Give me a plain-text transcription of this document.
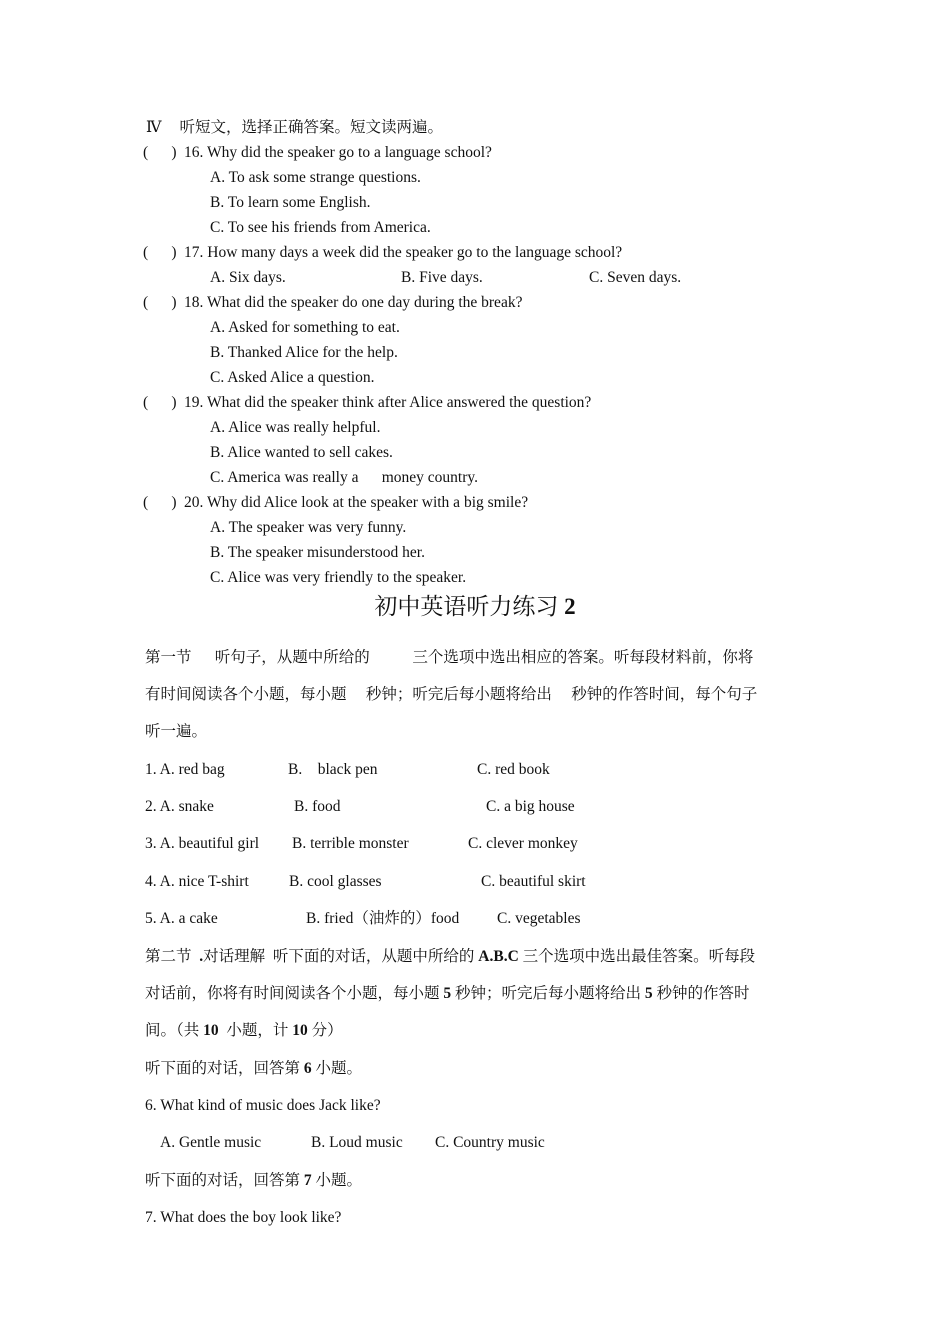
Ⅳ 听短文，选择正确答案。短文读两遍。
(      ) 16. Why did the speaker go to a language school?
A. To ask some strange questions.
B. To learn some English.
C. To see his friends from America.
(      ) 17. How many days a week did the speaker go to the language school?
A. Six days.	B. Five days.	C. Seven days.
(      ) 18. What did the speaker do one day during the break?
A. Asked for something to eat.
B. Thanked Alice for the help.
C. Asked Alice a question.
(      ) 19. What did the speaker think after Alice answered the question?
A. Alice was really helpful.
B. Alice wanted to sell cakes.
C. America was really a      money country.
(      ) 20. Why did Alice look at the speaker with a big smile?
A. The speaker was very funny.
B. The speaker misunderstood her.
C. Alice was very friendly to the speaker.
初中英语听力练习 2
第一节      听句子，从题中所给的           三个选项中选出相应的答案。听每段材料前，你将
有时间阅读各个小题，每小题     秒钟；听完后每小题将给出     秒钟的作答时间，每个句子
听一遍。
1. A. red bag	B.    black pen	C. red book
2. A. snake	B. food	C. a big house
3. A. beautiful girl B. terrible monster	C. clever monkey
4. A. nice T-shirt	B. cool glasses	C. beautiful skirt
5. A. a cake	B. fried（油炸的）food C. vegetables
第二节  .对话理解  听下面的对话，从题中所给的 A.B.C 三个选项中选出最佳答案。听每段
对话前，你将有时间阅读各个小题，每小题 5 秒钟；听完后每小题将给出 5 秒钟的作答时
间。（共 10  小题，计 10 分）
听下面的对话，回答第 6 小题。
6. What kind of music does Jack like?
A. Gentle music	B. Loud music C. Country music
听下面的对话，回答第 7 小题。
7. What does the boy look like?
